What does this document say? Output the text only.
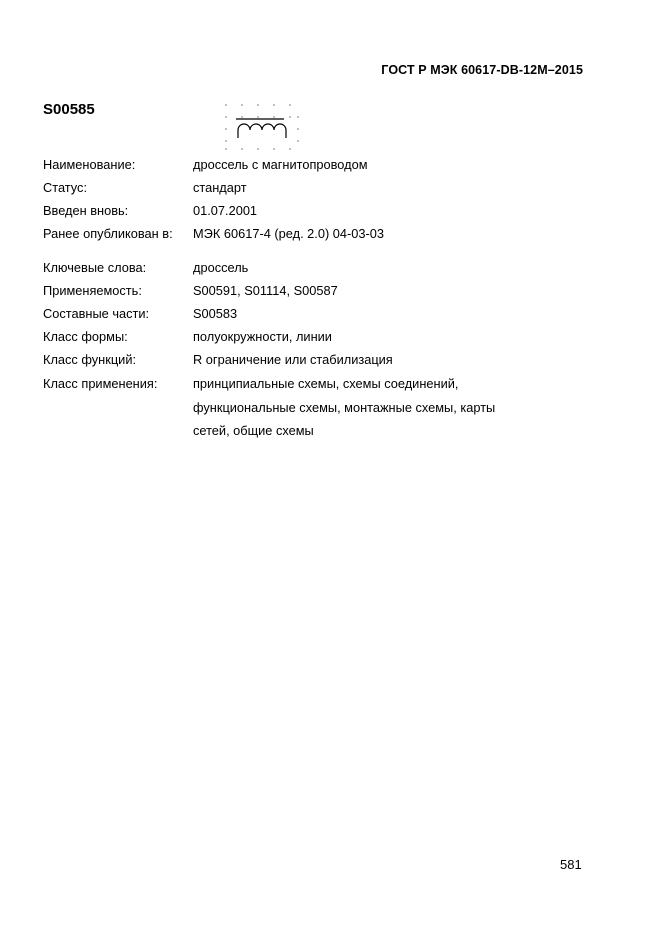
ГОСТ Р МЭК 60617-DB-12M–2015
S00585
Наименование:	дроссель с магнитопроводом
Статус:	стандарт
Введен вновь:	01.07.2001
Ранее опубликован в: МЭК 60617-4 (ред. 2.0) 04-03-03
Ключевые слова:	дроссель
Применяемость:	S00591, S01114, S00587
Составные части:	S00583
Класс формы:	полуокружности, линии
Класс функций:	R ограничение или стабилизация
Класс применения:	принципиальные схемы, схемы соединений,
функциональные схемы, монтажные схемы, карты
сетей, общие схемы
581
